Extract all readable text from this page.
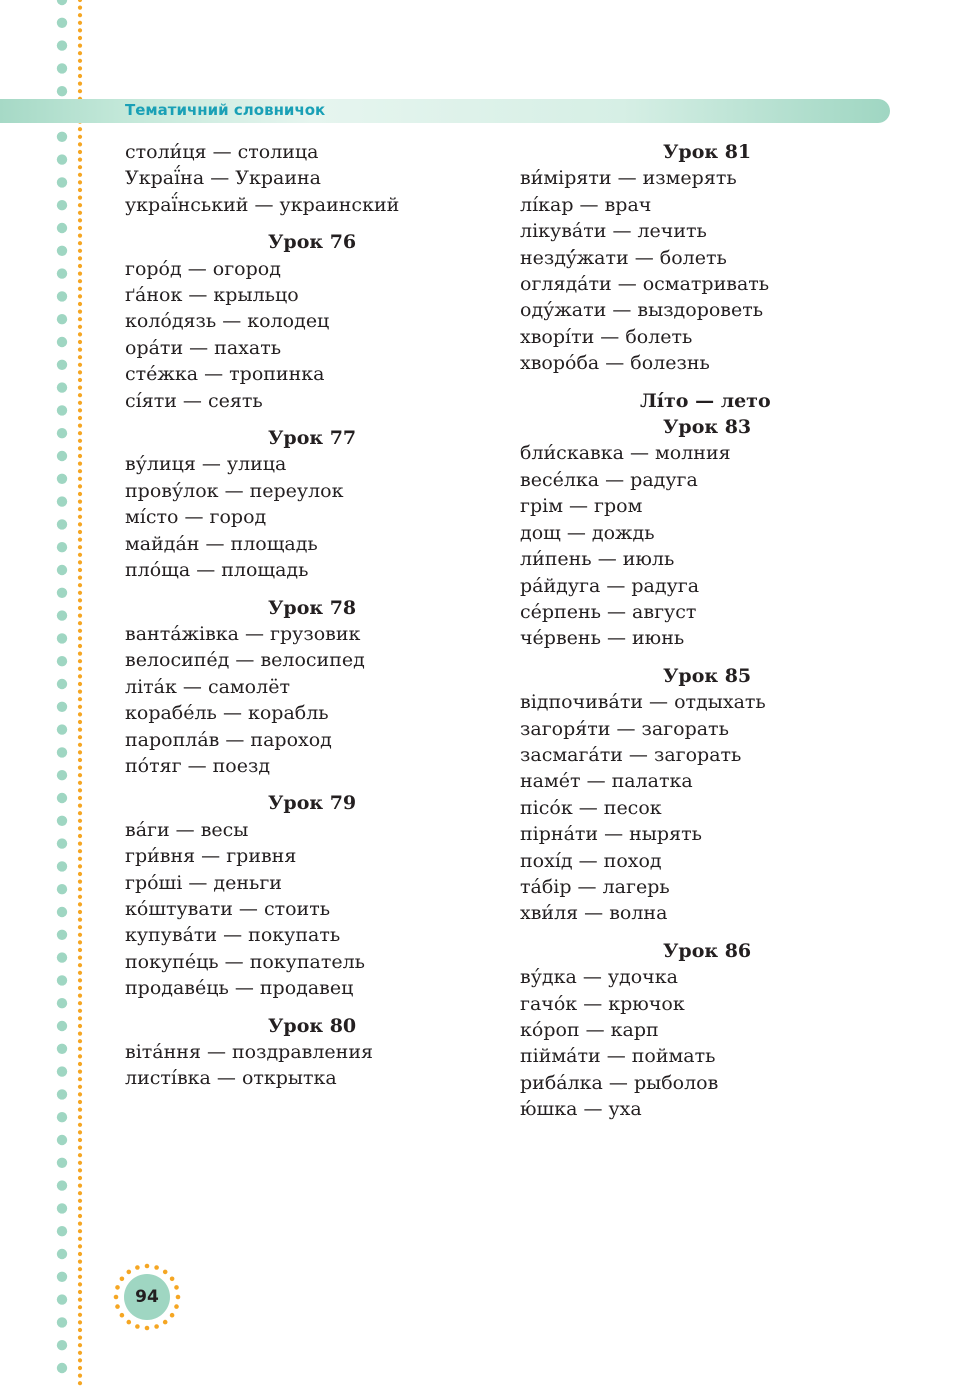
Тематичний словничок
столи́ця — столица
Украї́на — Украина
украї́нський — украинский
Урок 76
горо́д — огород
ґа́нок — крыльцо
коло́дязь — колодец
ора́ти — пахать
сте́жка — тропинка
сі́яти — сеять
Урок 77
ву́лиця — улица
прову́лок — переулок
мі́сто — город
майда́н — площадь
пло́ща — площадь
Урок 78
ванта́жівка — грузовик
велосипе́д — велосипед
літа́к — самолёт
корабе́ль — корабль
паропла́в — пароход
по́тяг — поезд
Урок 79
ва́ги — весы
гри́вня — гривня
гро́ші — деньги
ко́штувати — стоить
купува́ти — покупать
покупе́ць — покупатель
продаве́ць — продавец
Урок 80
віта́ння — поздравления
листі́вка — открытка
Урок 81
ви́міряти — измерять
лі́кар — врач
лікува́ти — лечить
нездý́жати — болеть
огляда́ти — осматривать
оду́жати — выздороветь
хворі́ти — болеть
хворо́ба — болезнь
Лі́то — лето
Урок 83
бли́скавка — молния
весе́лка — радуга
грім — гром
дощ — дождь
ли́пень — июль
ра́йдуга — радуга
се́рпень — август
че́рвень — июнь
Урок 85
відпочива́ти — отдыхать
загоря́ти — загорать
засмага́ти — загорать
наме́т — палатка
пісо́к — песок
пірна́ти — нырять
похі́д — поход
та́бір — лагерь
хви́ля — волна
Урок 86
ву́дка — удочка
гачо́к — крючок
ко́роп — карп
пійма́ти — поймать
риба́лка — рыболов
ю́шка — уха
94
